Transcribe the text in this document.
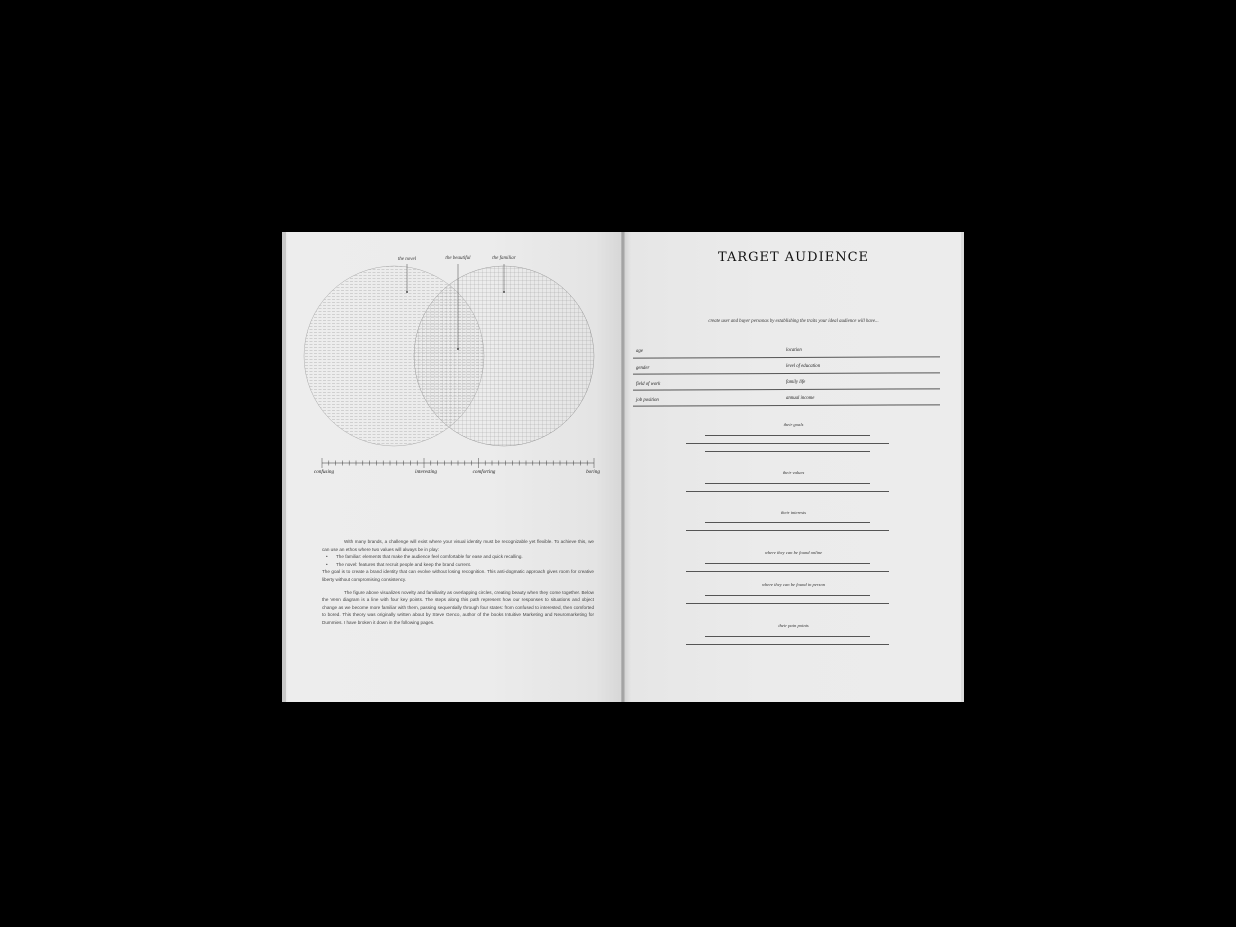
the novel	the beautiful	the familiar
confusing	interesting	comforting	boring

With many brands, a challenge will exist where your visual identity must be recognizable yet flexible. To achieve this, we can use an ethos where two values will always be in play:

•	The familiar: elements that make the audience feel comfortable for ease and quick recalling.
•	The novel: features that recruit people and keep the brand current.

The goal is to create a brand identity that can evolve without losing recognition. This anti-dogmatic approach gives room for creative liberty without compromising consistency.

The figure above visualizes novelty and familiarity as overlapping circles, creating beauty when they come together. Below the Venn diagram is a line with four key points. The steps along this path represent how our responses to situations and object change as we become more familiar with them, passing sequentially through four states: from confused to interested, then comforted to bored. This theory was originally written about by Steve Genco, author of the books Intuitive Marketing and Neuromarketing for Dummies. I have broken it down in the following pages.

TARGET AUDIENCE
create user and buyer personas by establishing the traits your ideal audience will have...
age	location
gender	level of education
field of work	family life
job position	annual income
their goals
their values
their interests
where they can be found online
where they can be found in person
their pain points
